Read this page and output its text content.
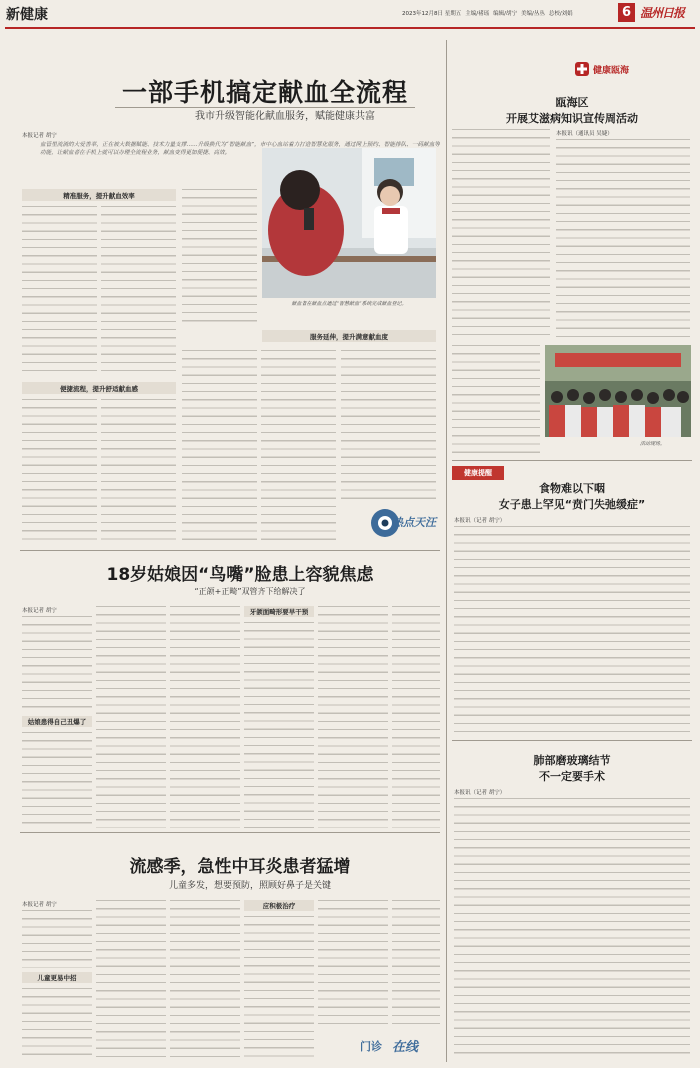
新健康	2023年12月8日 星期五 主编/褚瑶 编辑/胡宁 美编/丛丛 总校/刘娟	6 温州日报
一部手机搞定献血全流程
我市升级智能化献血服务，赋能健康共富
本报记者 胡宁
血管里流淌的大爱善举，正在被大数据赋能、技术力量支撑……升级换代为“智能献血”，市中心血站着力打造智慧化服务，通过网上预约、智能排队、一码献血等功能，让献血者在手机上就可以办理全流程业务，献血变得更加便捷、高效。
精准服务，提升献血效率
便捷流程，提升舒适献血感
献血者在献血点通过“智慧献血”系统完成献血登记。
服务延伸，提升满意献血度
热点天汪
18岁姑娘因“鸟嘴”脸患上容貌焦虑
“正颌+正畸”双管齐下给解决了
本报记者 胡宁
姑娘患得自己丑爆了
牙颌面畸形要早干预
流感季，急性中耳炎患者猛增
儿童多发，想要预防，照顾好鼻子是关键
本报记者 胡宁
儿童更易中招
应积极治疗
门诊 在线
健康瓯海
瓯海区
开展艾滋病知识宣传周活动
本报讯（通讯员 吴婕）
活动现场。
健康提醒
食物难以下咽
女子患上罕见“贲门失弛缓症”
本报讯（记者 胡宁）
肺部磨玻璃结节
不一定要手术
本报讯（记者 胡宁）
